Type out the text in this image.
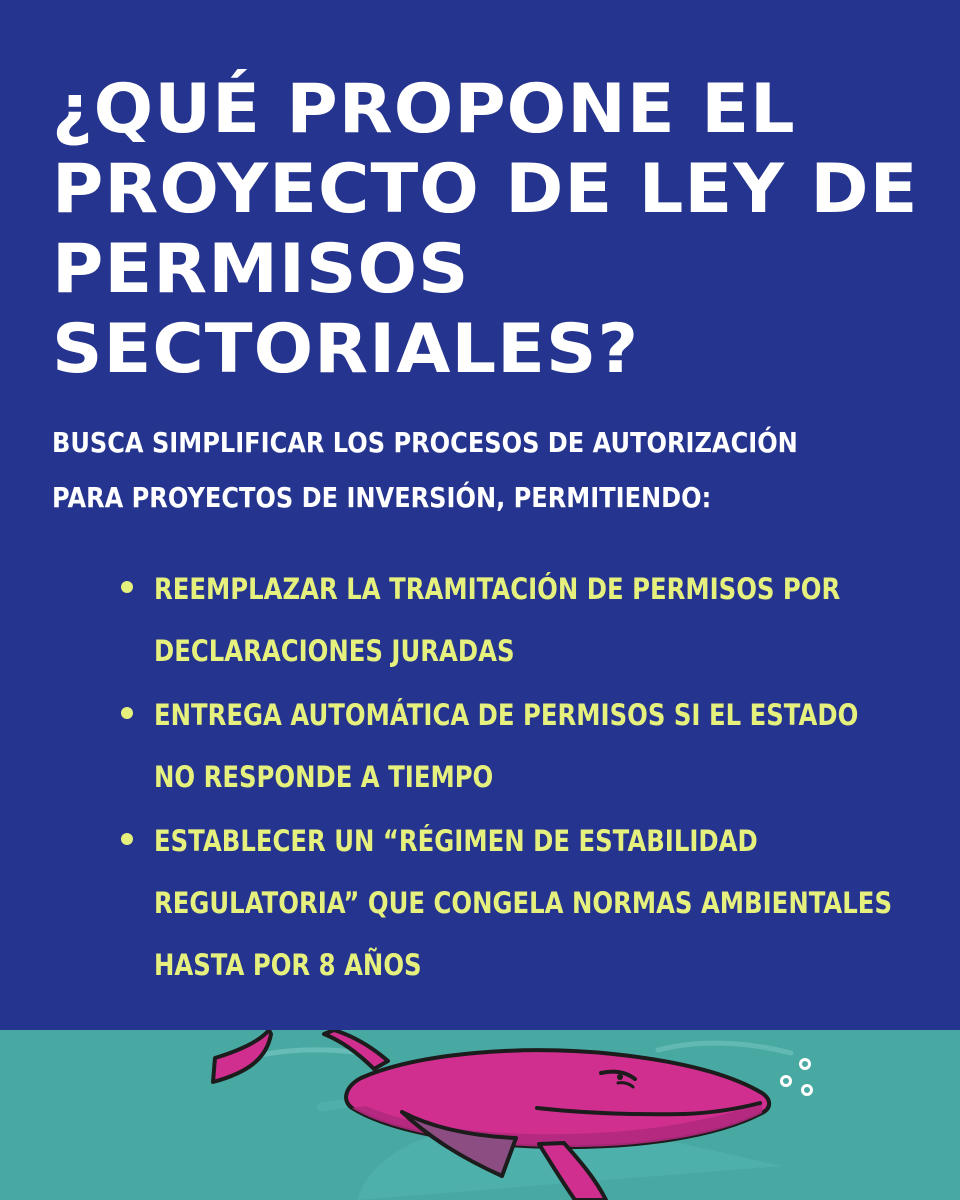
¿QUÉ PROPONE EL
PROYECTO DE LEY DE
PERMISOS
SECTORIALES?
BUSCA SIMPLIFICAR LOS PROCESOS DE AUTORIZACIÓN
PARA PROYECTOS DE INVERSIÓN, PERMITIENDO:
REEMPLAZAR LA TRAMITACIÓN DE PERMISOS POR
DECLARACIONES JURADAS
ENTREGA AUTOMÁTICA DE PERMISOS SI EL ESTADO
NO RESPONDE A TIEMPO
ESTABLECER UN “RÉGIMEN DE ESTABILIDAD
REGULATORIA” QUE CONGELA NORMAS AMBIENTALES
HASTA POR 8 AÑOS
